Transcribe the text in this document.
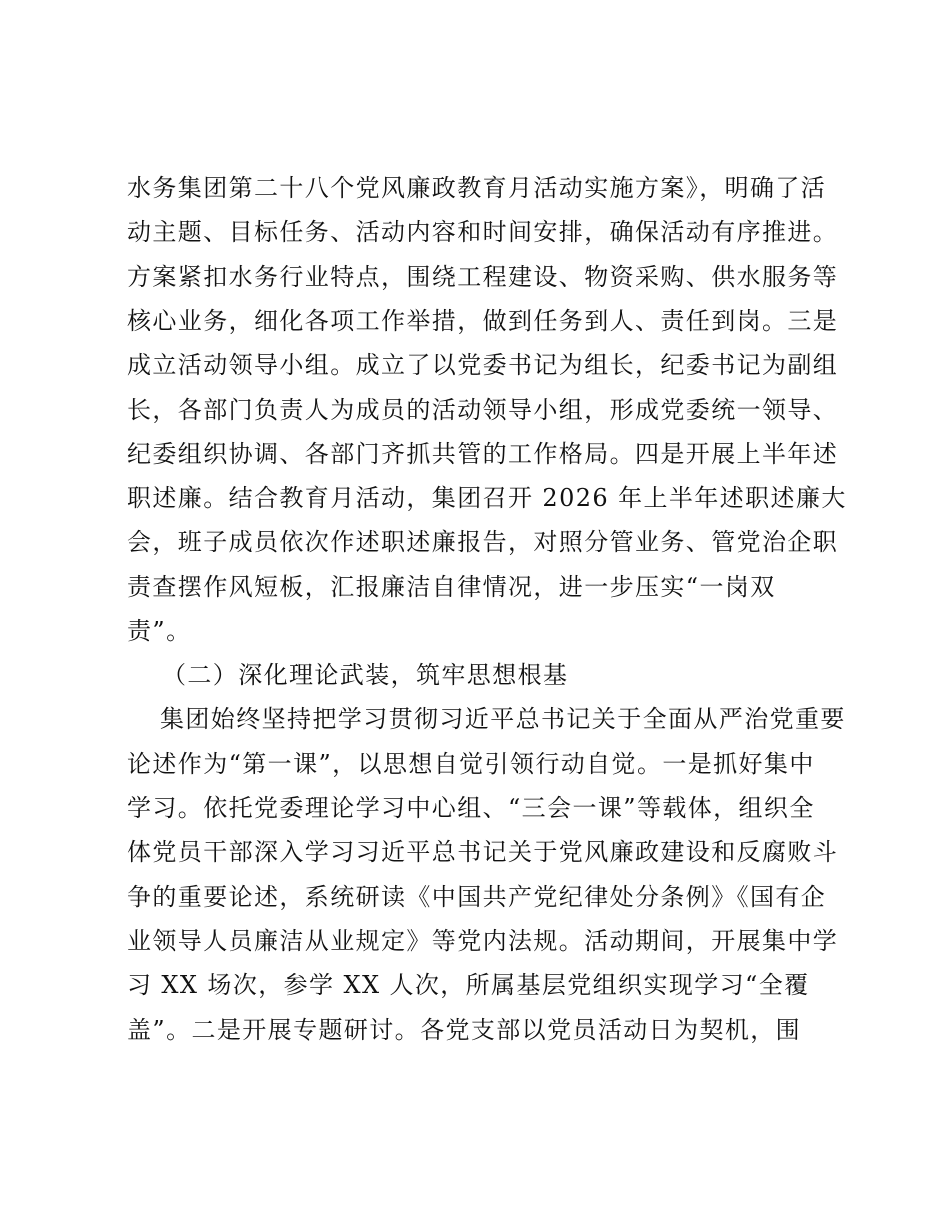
水务集团第二十八个党风廉政教育月活动实施方案》，明确了活
动主题、目标任务、活动内容和时间安排，确保活动有序推进。
方案紧扣水务行业特点，围绕工程建设、物资采购、供水服务等
核心业务，细化各项工作举措，做到任务到人、责任到岗。三是
成立活动领导小组。成立了以党委书记为组长，纪委书记为副组
长，各部门负责人为成员的活动领导小组，形成党委统一领导、
纪委组织协调、各部门齐抓共管的工作格局。四是开展上半年述
职述廉。结合教育月活动，集团召开 2026 年上半年述职述廉大
会，班子成员依次作述职述廉报告，对照分管业务、管党治企职
责查摆作风短板，汇报廉洁自律情况，进一步压实“一岗双
责”。
（二）深化理论武装，筑牢思想根基
集团始终坚持把学习贯彻习近平总书记关于全面从严治党重要
论述作为“第一课”，以思想自觉引领行动自觉。一是抓好集中
学习。依托党委理论学习中心组、“三会一课”等载体，组织全
体党员干部深入学习习近平总书记关于党风廉政建设和反腐败斗
争的重要论述，系统研读《中国共产党纪律处分条例》《国有企
业领导人员廉洁从业规定》等党内法规。活动期间，开展集中学
习 XX 场次，参学 XX 人次，所属基层党组织实现学习“全覆
盖”。二是开展专题研讨。各党支部以党员活动日为契机，围
